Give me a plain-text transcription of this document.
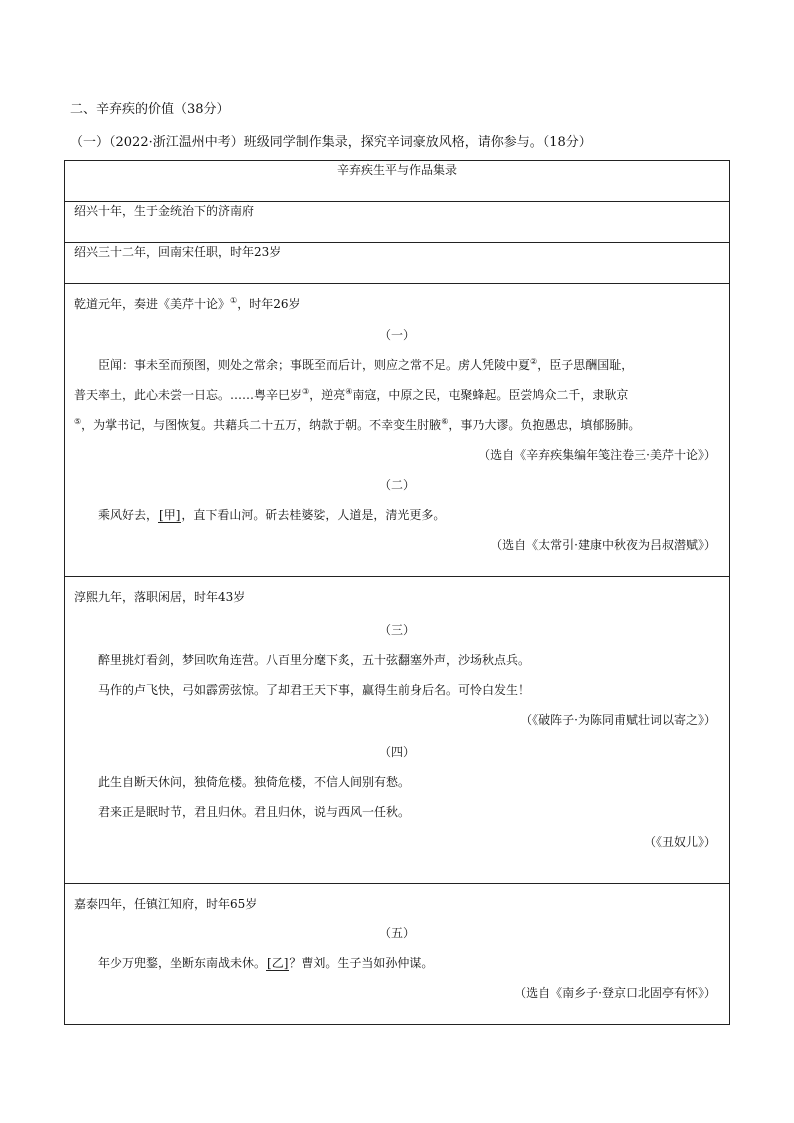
二、辛弃疾的价值（38分）
（一）（2022·浙江温州中考）班级同学制作集录，探究辛词豪放风格，请你参与。（18分）
辛弃疾生平与作品集录
绍兴十年，生于金统治下的济南府
绍兴三十二年，回南宋任职，时年23岁

乾道元年，奏进《美芹十论》①，时年26岁
（一）
臣闻：事未至而预图，则处之常余；事既至而后计，则应之常不足。虏人凭陵中夏②，臣子思酬国耻，
普天率土，此心未尝一日忘。……粤辛巳岁③，逆亮④南寇，中原之民，屯聚蜂起。臣尝鸠众二千，隶耿京
⑤，为掌书记，与图恢复。共藉兵二十五万，纳款于朝。不幸变生肘腋⑥，事乃大谬。负抱愚忠，填郁肠肺。
（选自《辛弃疾集编年笺注卷三·美芹十论》）
（二）
乘风好去，[甲]，直下看山河。斫去桂婆娑，人道是，清光更多。
（选自《太常引·建康中秋夜为吕叔潜赋》）

淳熙九年，落职闲居，时年43岁
（三）
醉里挑灯看剑，梦回吹角连营。八百里分麾下炙，五十弦翻塞外声，沙场秋点兵。
马作的卢飞快，弓如霹雳弦惊。了却君王天下事，赢得生前身后名。可怜白发生！
（《破阵子·为陈同甫赋壮词以寄之》）
（四）
此生自断天休问，独倚危楼。独倚危楼，不信人间别有愁。
君来正是眠时节，君且归休。君且归休，说与西风一任秋。
（《丑奴儿》）

嘉泰四年，任镇江知府，时年65岁
（五）
年少万兜鍪，坐断东南战未休。[乙]？曹刘。生子当如孙仲谋。
（选自《南乡子·登京口北固亭有怀》）
